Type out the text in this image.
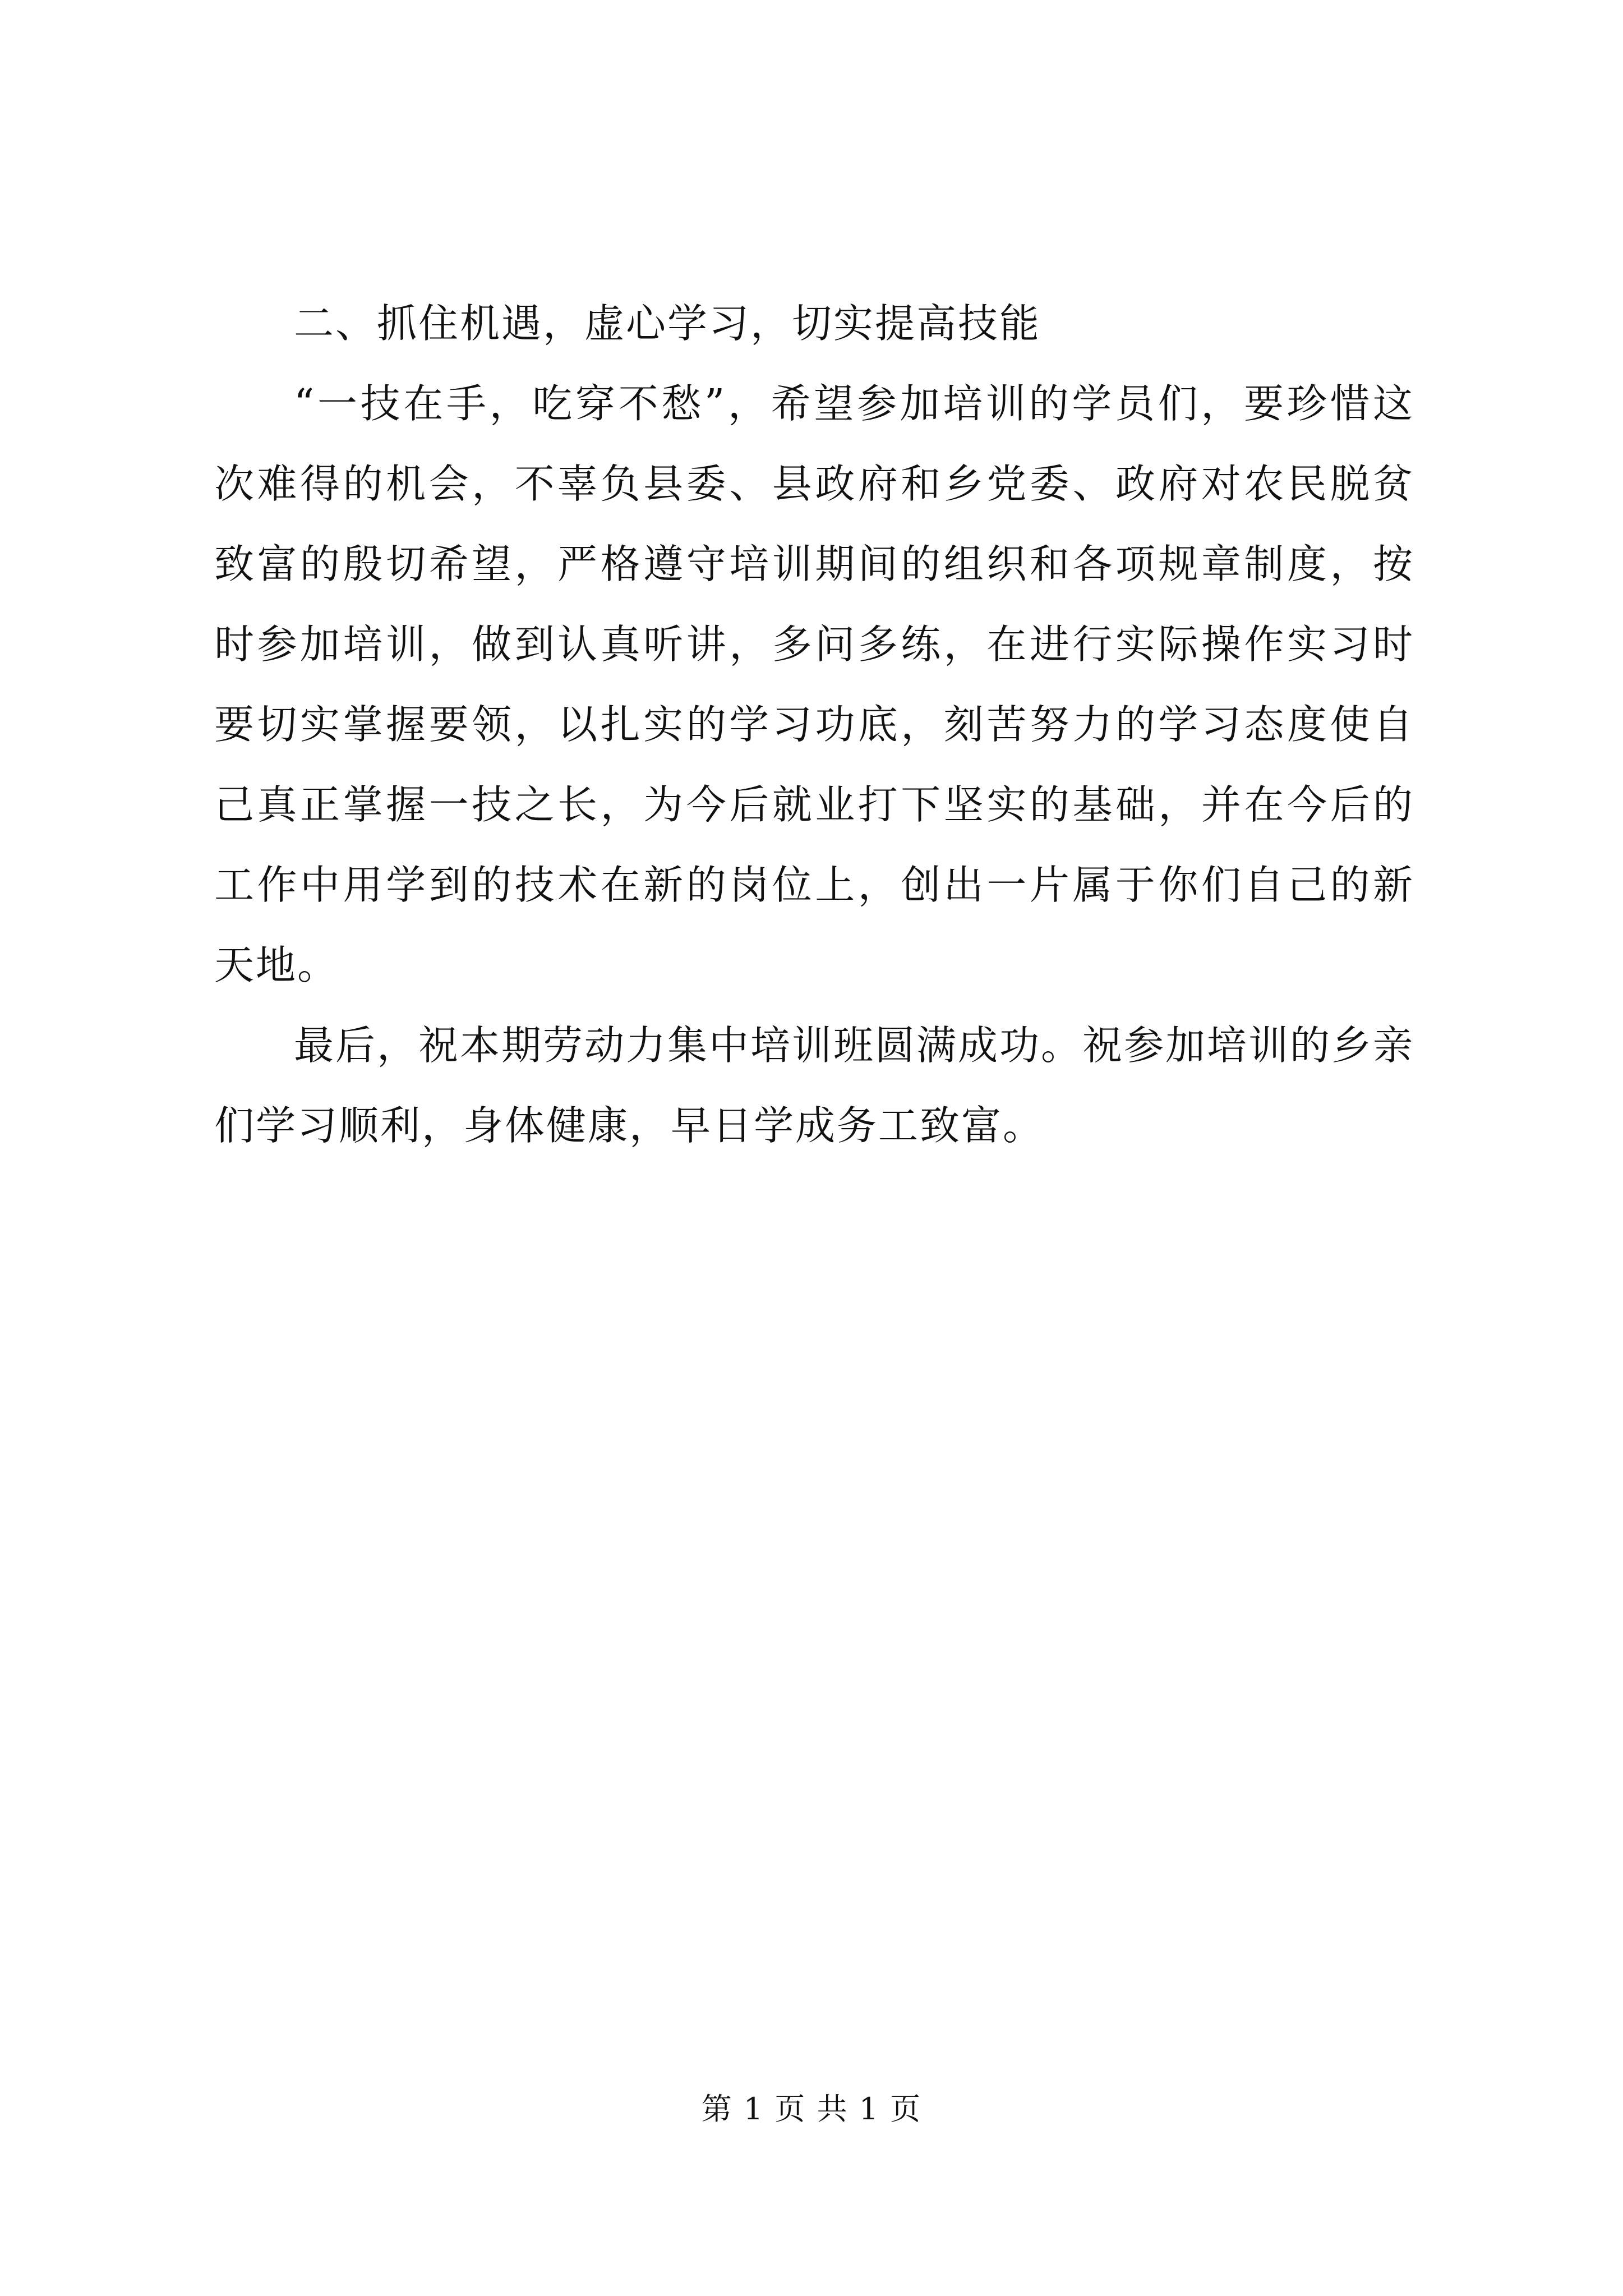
二、抓住机遇，虚心学习，切实提高技能

“一技在手，吃穿不愁”，希望参加培训的学员们，要珍惜这次难得的机会，不辜负县委、县政府和乡党委、政府对农民脱贫致富的殷切希望，严格遵守培训期间的组织和各项规章制度，按时参加培训，做到认真听讲，多问多练，在进行实际操作实习时要切实掌握要领，以扎实的学习功底，刻苦努力的学习态度使自己真正掌握一技之长，为今后就业打下坚实的基础，并在今后的工作中用学到的技术在新的岗位上，创出一片属于你们自己的新天地。

最后，祝本期劳动力集中培训班圆满成功。祝参加培训的乡亲们学习顺利，身体健康，早日学成务工致富。

第 1 页 共 1 页
